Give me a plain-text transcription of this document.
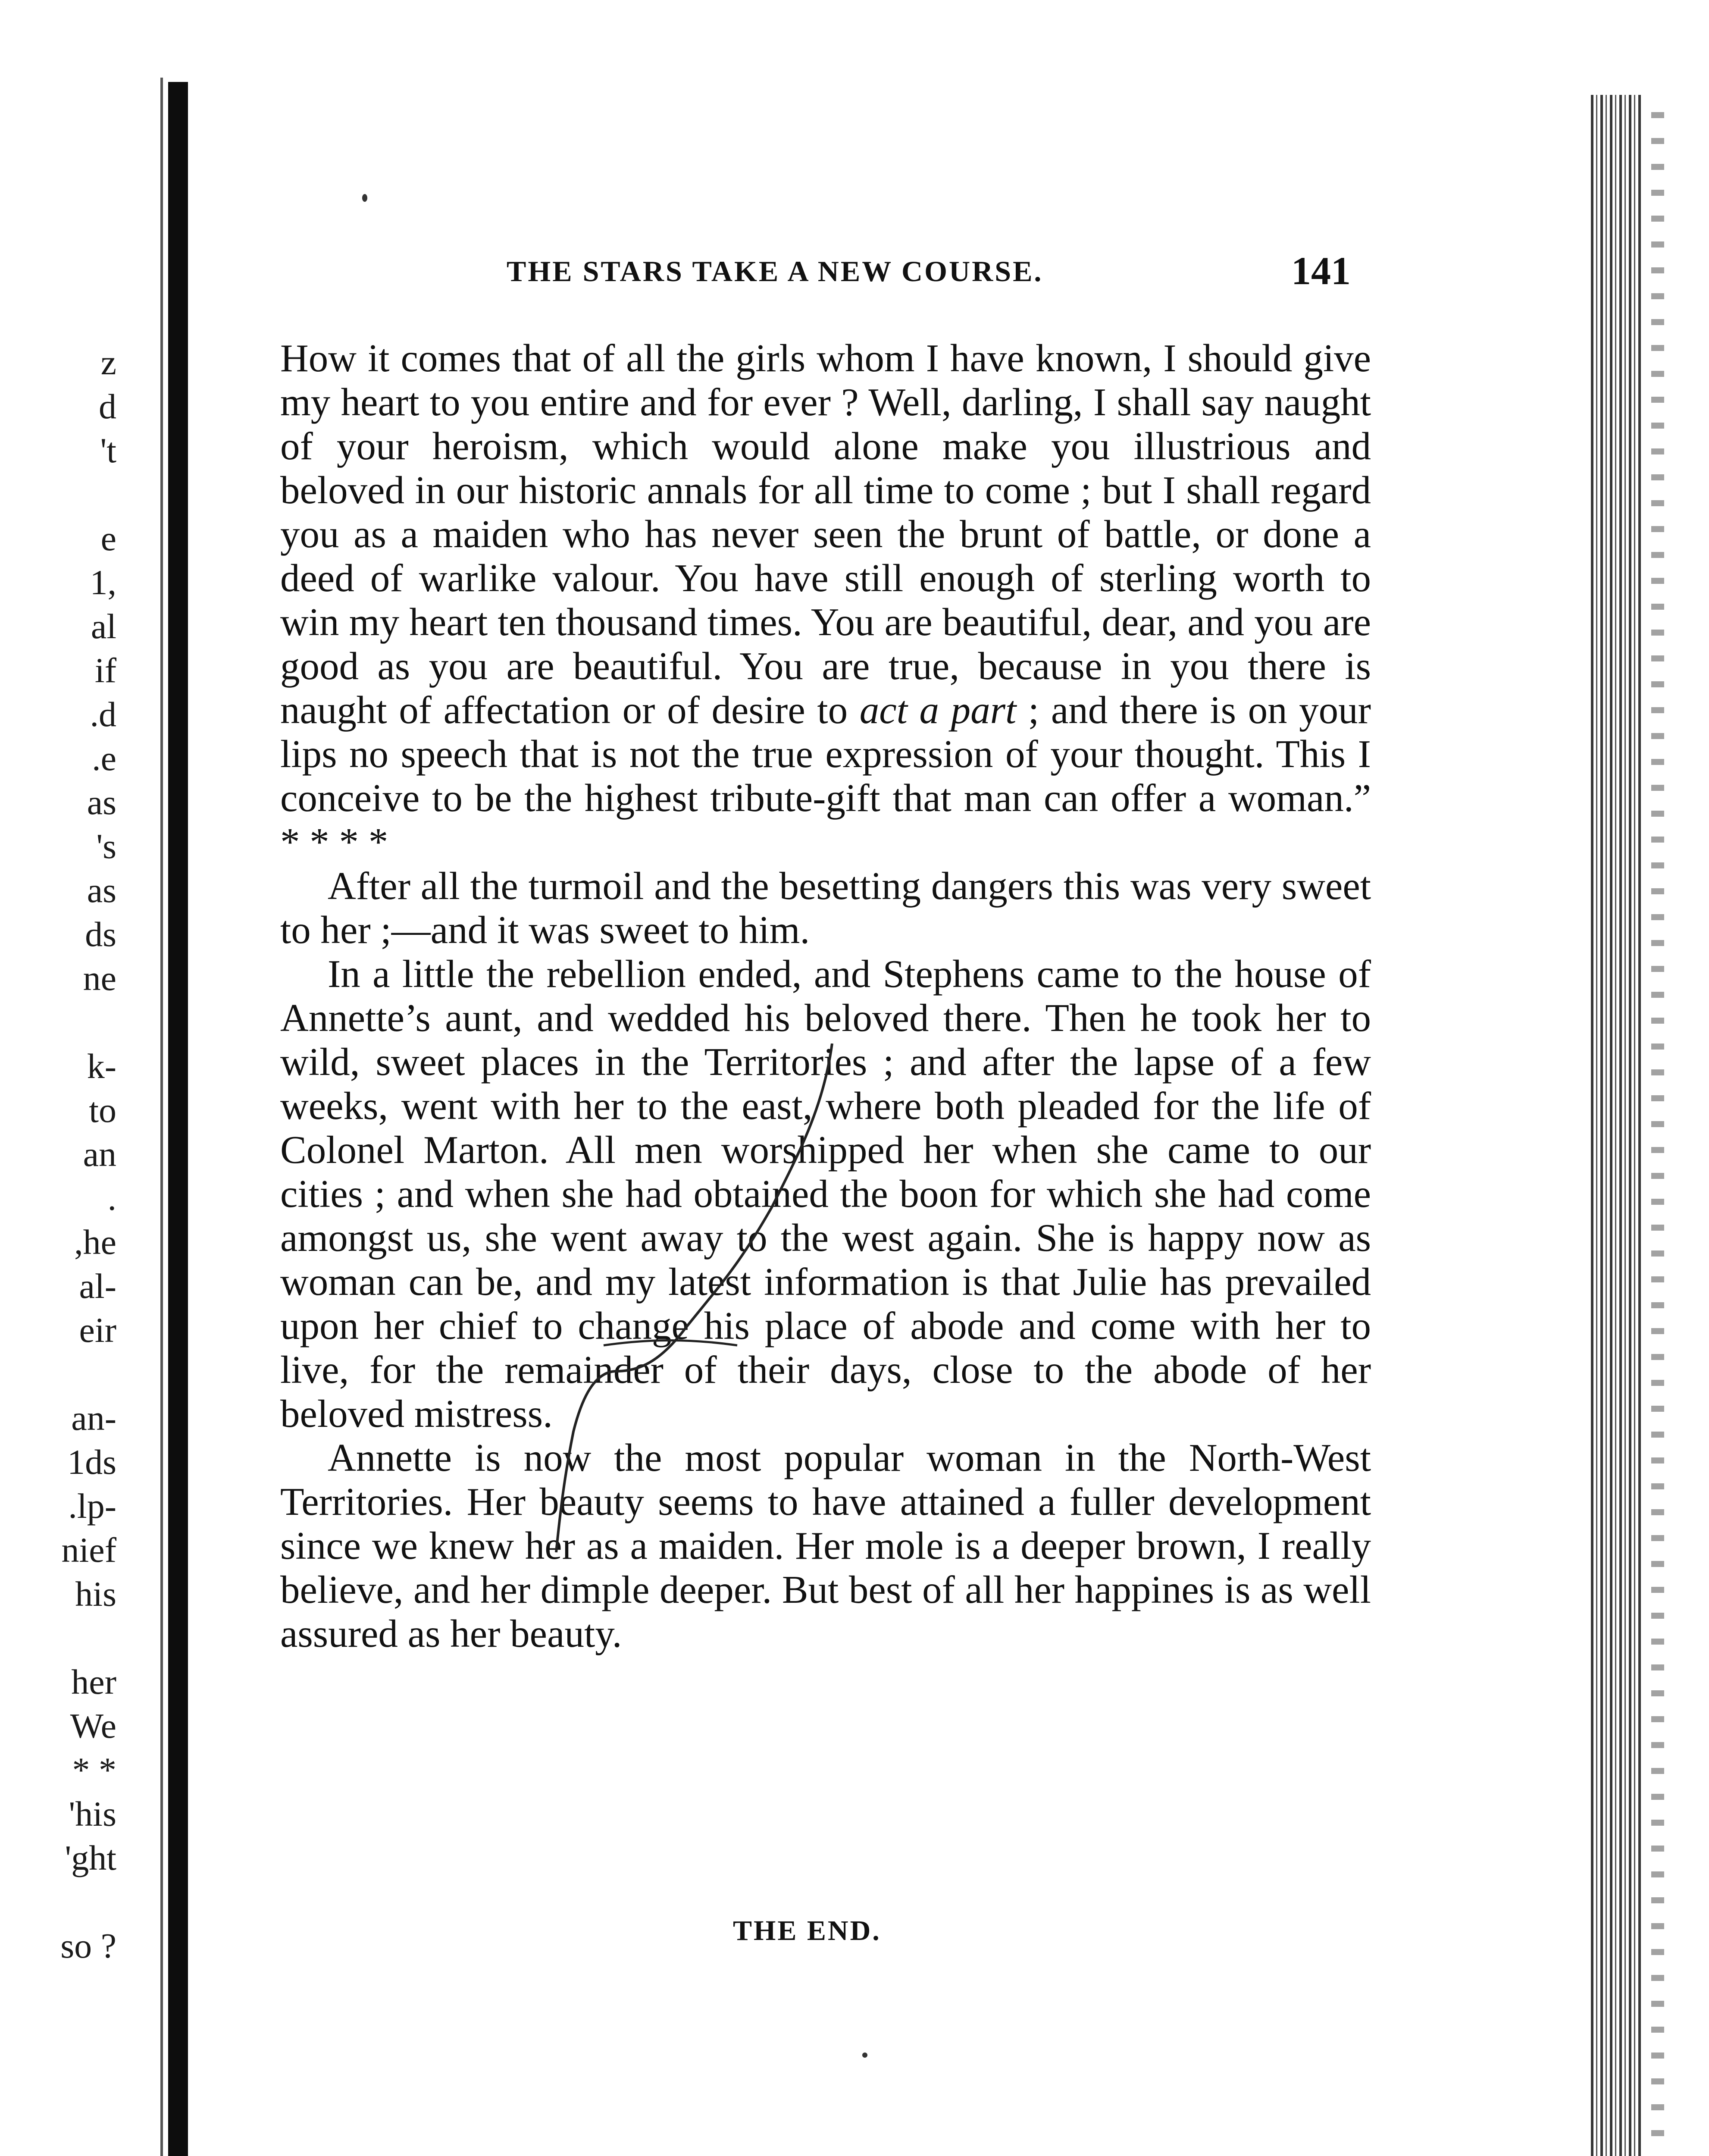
z
d
't
e
1,
al
if
.d
.e
as
's
as
ds
ne
k-
to
an
.
,he
al-
eir
an-
1ds
.lp-
nief
his
her
We
* *
'his
'ght
so ?
THE STARS TAKE A NEW COURSE.	141

How it comes that of all the girls whom I have known, I should give my heart to you entire and for ever ? Well, darling, I shall say naught of your heroism, which would alone make you illustrious and beloved in our historic annals for all time to come ; but I shall regard you as a maiden who has never seen the brunt of battle, or done a deed of warlike valour. You have still enough of sterling worth to win my heart ten thousand times. You are beautiful, dear, and you are good as you are beautiful. You are true, because in you there is naught of affectation or of desire to act a part ; and there is on your lips no speech that is not the true expression of your thought. This I conceive to be the highest tribute-gift that man can offer a woman.” * * * *

After all the turmoil and the besetting dangers this was very sweet to her ;—and it was sweet to him.

In a little the rebellion ended, and Stephens came to the house of Annette’s aunt, and wedded his beloved there. Then he took her to wild, sweet places in the Territories ; and after the lapse of a few weeks, went with her to the east, where both pleaded for the life of Colonel Marton. All men worshipped her when she came to our cities ; and when she had obtained the boon for which she had come amongst us, she went away to the west again. She is happy now as woman can be, and my latest information is that Julie has prevailed upon her chief to change his place of abode and come with her to live, for the remainder of their days, close to the abode of her beloved mistress.

Annette is now the most popular woman in the North-West Territories. Her beauty seems to have attained a fuller development since we knew her as a maiden. Her mole is a deeper brown, I really believe, and her dimple deeper. But best of all her happines is as well assured as her beauty.

THE END.
